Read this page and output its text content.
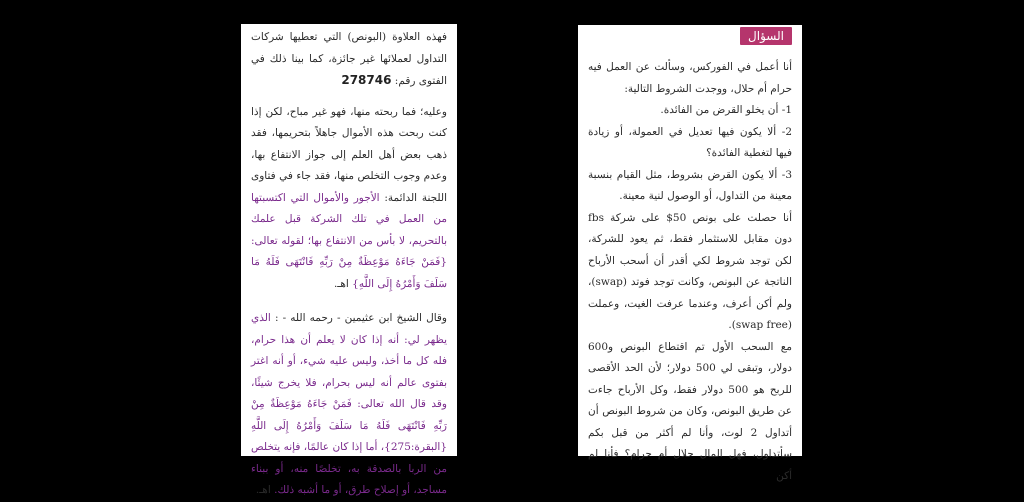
فهذه العلاوة (البونص) التي تعطيها شركات التداول لعملائها غير جائزة، كما بينا ذلك في الفتوى رقم: 278746

وعليه؛ فما ربحته منها، فهو غير مباح، لكن إذا كنت ربحت هذه الأموال جاهلاً بتحريمها، فقد ذهب بعض أهل العلم إلى جواز الانتفاع بها، وعدم وجوب التخلص منها، فقد جاء في فتاوى اللجنة الدائمة: الأجور والأموال التي اكتسبتها من العمل في تلك الشركة قبل علمك بالتحريم، لا بأس من الانتفاع بها؛ لقوله تعالى: {فَمَنْ جَاءَهُ مَوْعِظَةٌ مِنْ رَبِّهِ فَانْتَهَى فَلَهُ مَا سَلَفَ وَأَمْرُهُ إِلَى اللَّهِ} اهـ.

وقال الشيخ ابن عثيمين - رحمه الله - : الذي يظهر لي: أنه إذا كان لا يعلم أن هذا حرام، فله كل ما أخذ، وليس عليه شيء، أو أنه اغتر بفتوى عالم أنه ليس بحرام، فلا يخرج شيئًا، وقد قال الله تعالى: فَمَنْ جَاءَهُ مَوْعِظَةٌ مِنْ رَبِّهِ فَانْتَهَى فَلَهُ مَا سَلَفَ وَأَمْرُهُ إِلَى اللَّهِ {البقرة:275}، أما إذا كان عالمًا، فإنه يتخلص من الربا بالصدقة به، تخلصًا منه، أو ببناء مساجد، أو إصلاح طرق، أو ما أشبه ذلك. اهـ.

السؤال

أنا أعمل في الفوركس، وسألت عن العمل فيه حرام أم حلال، ووجدت الشروط التالية:

1- أن يخلو القرض من الفائدة.

2- ألا يكون فيها تعديل في العمولة، أو زيادة فيها لتغطية الفائدة؟

3- ألا يكون القرض بشروط، مثل القيام بنسبة معينة من التداول، أو الوصول لنية معينة.

أنا حصلت على بونص 50$ على شركة fbs دون مقابل للاستثمار فقط، ثم يعود للشركة، لكن توجد شروط لكي أقدر أن أسحب الأرباح الناتجة عن البونص، وكانت توجد فوتد (swap)، ولم أكن أعرف، وعندما عرفت الغيت، وعملت (swap free).

مع السحب الأول تم اقتطاع البونص و600 دولار، وتبقى لي 500 دولار؛ لأن الحد الأقصى للربح هو 500 دولار فقط، وكل الأرباح جاءت عن طريق البونص، وكان من شروط البونص أن أتداول 2 لوت، وأنا لم أكثر من قبل بكم سأتداول، فهل المال حلال أم حرام؟ فأنا لم أكن
